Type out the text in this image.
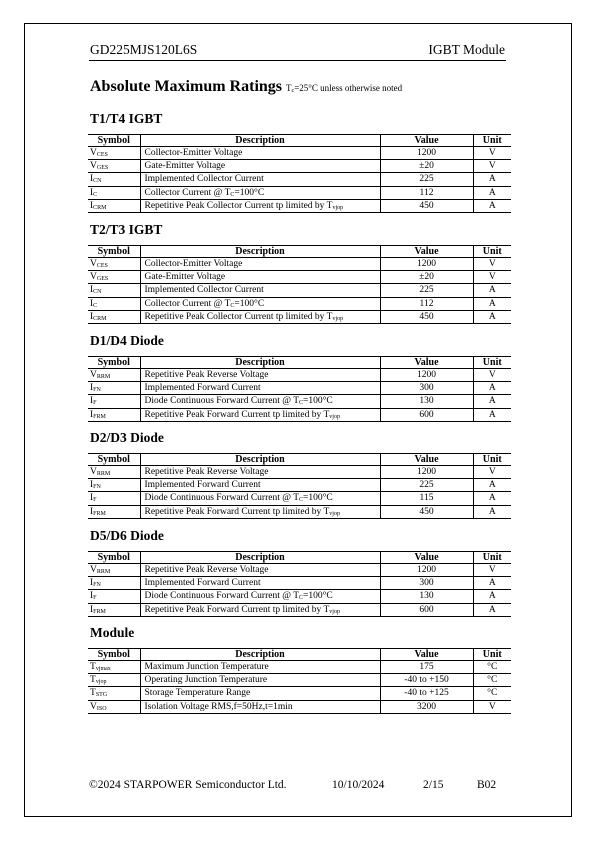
GD225MJS120L6S	IGBT Module
Absolute Maximum Ratings $T_c=25^\circ C$ unless otherwise noted
T1/T4 IGBT
Symbol	Description	Value	Unit
$V_{CES}$	Collector-Emitter Voltage	1200	V
$V_{GES}$	Gate-Emitter Voltage	±20	V
$I_{CN}$	Implemented Collector Current	225	A
$I_C$	Collector Current @ $T_C=100^\circ C$	112	A
$I_{CRM}$	Repetitive Peak Collector Current tp limited by $T_{vjop}$	450	A
T2/T3 IGBT
Symbol	Description	Value	Unit
$V_{CES}$	Collector-Emitter Voltage	1200	V
$V_{GES}$	Gate-Emitter Voltage	±20	V
$I_{CN}$	Implemented Collector Current	225	A
$I_C$	Collector Current @ $T_C=100^\circ C$	112	A
$I_{CRM}$	Repetitive Peak Collector Current tp limited by $T_{vjop}$	450	A
D1/D4 Diode
Symbol	Description	Value	Unit
$V_{RRM}$	Repetitive Peak Reverse Voltage	1200	V
$I_{FN}$	Implemented Forward Current	300	A
$I_F$	Diode Continuous Forward Current @ $T_C=100^\circ C$	130	A
$I_{FRM}$	Repetitive Peak Forward Current tp limited by $T_{vjop}$	600	A
D2/D3 Diode
Symbol	Description	Value	Unit
$V_{RRM}$	Repetitive Peak Reverse Voltage	1200	V
$I_{FN}$	Implemented Forward Current	225	A
$I_F$	Diode Continuous Forward Current @ $T_C=100^\circ C$	115	A
$I_{FRM}$	Repetitive Peak Forward Current tp limited by $T_{vjop}$	450	A
D5/D6 Diode
Symbol	Description	Value	Unit
$V_{RRM}$	Repetitive Peak Reverse Voltage	1200	V
$I_{FN}$	Implemented Forward Current	300	A
$I_F$	Diode Continuous Forward Current @ $T_C=100^\circ C$	130	A
$I_{FRM}$	Repetitive Peak Forward Current tp limited by $T_{vjop}$	600	A
Module
Symbol	Description	Value	Unit
$T_{vjmax}$	Maximum Junction Temperature	175	°C
$T_{vjop}$	Operating Junction Temperature	-40 to +150	°C
$T_{STG}$	Storage Temperature Range	-40 to +125	°C
$V_{ISO}$	Isolation Voltage RMS,f=50Hz,t=1min	3200	V
©2024 STARPOWER Semiconductor Ltd.	10/10/2024	2/15	B02
